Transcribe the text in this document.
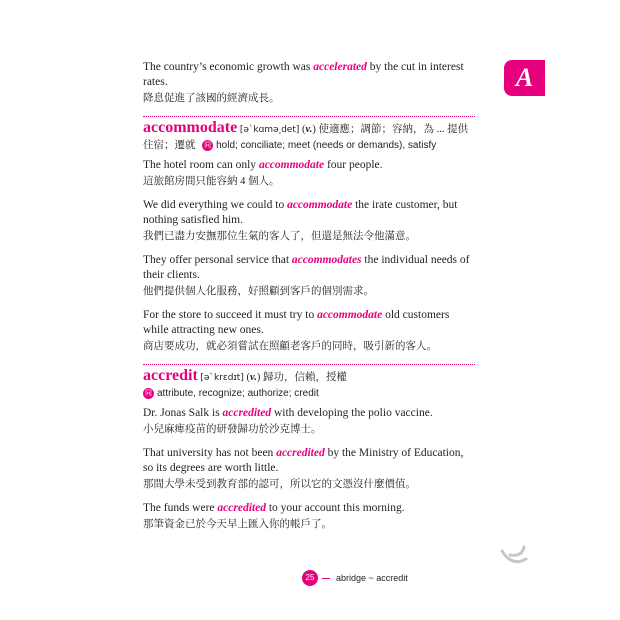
A
The country’s economic growth was accelerated by the cut in interest rates.
降息促進了該國的經濟成長。
accommodate [əˋkɑmə͵det] (v.) 使適應；調節；容納，為 ... 提供住宿；遷就 同 hold; conciliate; meet (needs or demands), satisfy
The hotel room can only accommodate four people.
這旅館房間只能容納 4 個人。
We did everything we could to accommodate the irate customer, but nothing satisfied him.
我們已盡力安撫那位生氣的客人了，但還是無法令他滿意。
They offer personal service that accommodates the individual needs of their clients.
他們提供個人化服務，好照顧到客戶的個別需求。
For the store to succeed it must try to accommodate old customers while attracting new ones.
商店要成功，就必須嘗試在照顧老客戶的同時，吸引新的客人。
accredit [əˋkrɛdɪt] (v.) 歸功，信賴，授權
同 attribute, recognize; authorize; credit
Dr. Jonas Salk is accredited with developing the polio vaccine.
小兒麻痺疫苗的研發歸功於沙克博士。
That university has not been accredited by the Ministry of Education, so its degrees are worth little.
那間大學未受到教育部的認可，所以它的文憑沒什麼價值。
The funds were accredited to your account this morning.
那筆資金已於今天早上匯入你的帳戶了。
25	abridge ~ accredit
